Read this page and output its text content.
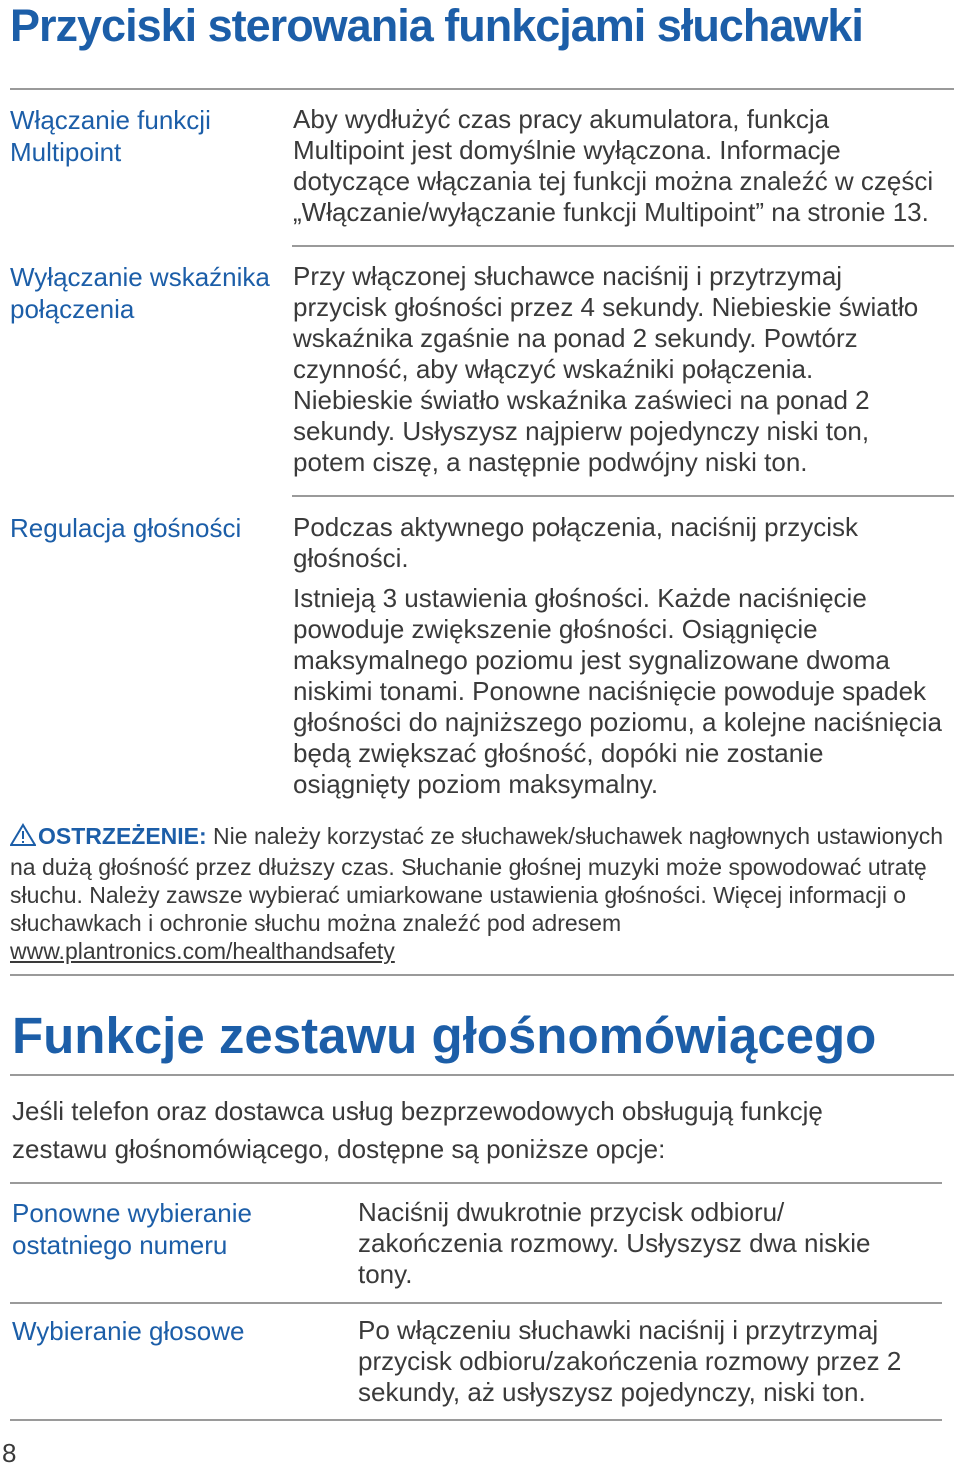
Przyciski sterowania funkcjami słuchawki

Włączanie funkcji Multipoint

Aby wydłużyć czas pracy akumulatora, funkcja Multipoint jest domyślnie wyłączona. Informacje dotyczące włączania tej funkcji można znaleźć w części „Włączanie/wyłączanie funkcji Multipoint” na stronie 13.

Wyłączanie wskaźnika połączenia

Przy włączonej słuchawce naciśnij i przytrzymaj przycisk głośności przez 4 sekundy. Niebieskie światło wskaźnika zgaśnie na ponad 2 sekundy. Powtórz czynność, aby włączyć wskaźniki połączenia. Niebieskie światło wskaźnika zaświeci na ponad 2 sekundy. Usłyszysz najpierw pojedynczy niski ton, potem ciszę, a następnie podwójny niski ton.

Regulacja głośności	Podczas aktywnego połączenia, naciśnij przycisk głośności.

Istnieją 3 ustawienia głośności. Każde naciśnięcie powoduje zwiększenie głośności. Osiągnięcie maksymalnego poziomu jest sygnalizowane dwoma niskimi tonami. Ponowne naciśnięcie powoduje spadek głośności do najniższego poziomu, a kolejne naciśnięcia będą zwiększać głośność, dopóki nie zostanie osiągnięty poziom maksymalny.

OSTRZEŻENIE: Nie należy korzystać ze słuchawek/słuchawek nagłownych ustawionych na dużą głośność przez dłuższy czas. Słuchanie głośnej muzyki może spowodować utratę słuchu. Należy zawsze wybierać umiarkowane ustawienia głośności. Więcej informacji o słuchawkach i ochronie słuchu można znaleźć pod adresem www.plantronics.com/healthandsafety

Funkcje zestawu głośnomówiącego

Jeśli telefon oraz dostawca usług bezprzewodowych obsługują funkcję zestawu głośnomówiącego, dostępne są poniższe opcje:

Ponowne wybieranie ostatniego numeru

Naciśnij dwukrotnie przycisk odbioru/ zakończenia rozmowy. Usłyszysz dwa niskie tony.

Wybieranie głosowe	Po włączeniu słuchawki naciśnij i przytrzymaj przycisk odbioru/zakończenia rozmowy przez 2 sekundy, aż usłyszysz pojedynczy, niski ton.

8
